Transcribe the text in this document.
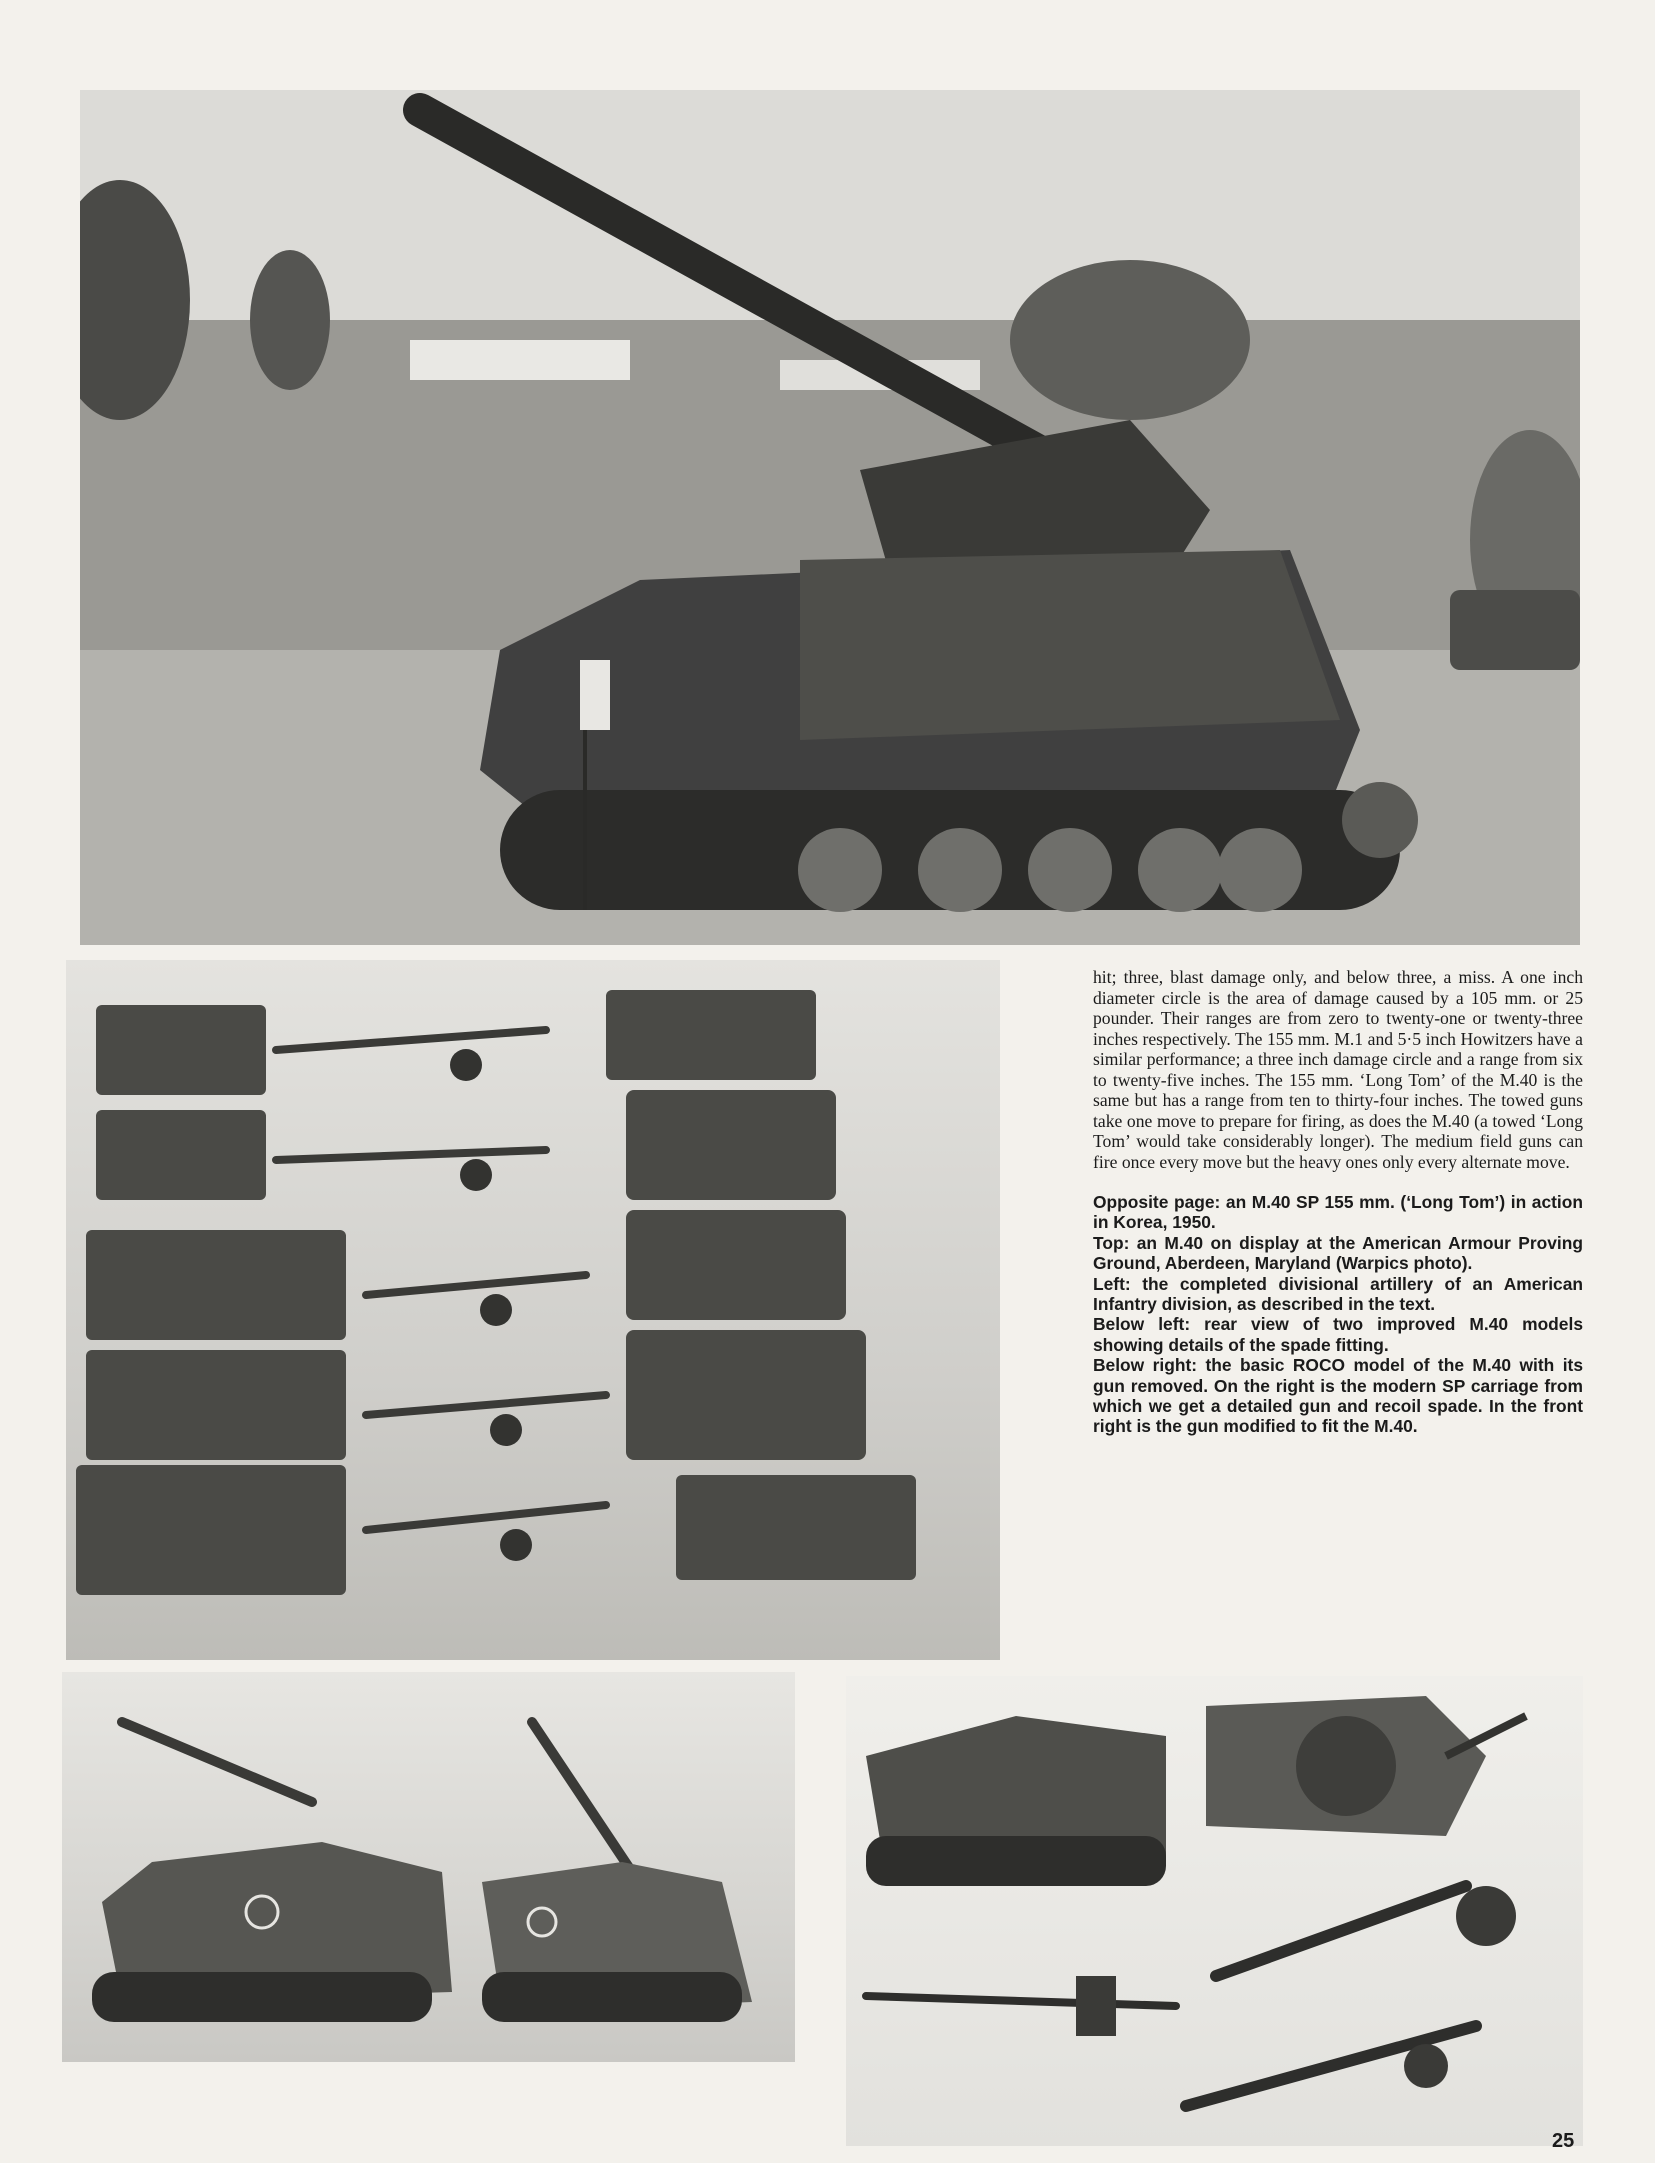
hit; three, blast damage only, and below three, a miss. A one inch diameter circle is the area of damage caused by a 105 mm. or 25 pounder. Their ranges are from zero to twenty-one or twenty-three inches respectively. The 155 mm. M.1 and 5·5 inch Howitzers have a similar performance; a three inch damage circle and a range from six to twenty-five inches. The 155 mm. ‘Long Tom’ of the M.40 is the same but has a range from ten to thirty-four inches. The towed guns take one move to prepare for firing, as does the M.40 (a towed ‘Long Tom’ would take considerably longer). The medium field guns can fire once every move but the heavy ones only every alternate move.

Opposite page: an M.40 SP 155 mm. (‘Long Tom’) in action in Korea, 1950.
Top: an M.40 on display at the American Armour Proving Ground, Aberdeen, Maryland (Warpics photo).
Left: the completed divisional artillery of an American Infantry division, as described in the text.
Below left: rear view of two improved M.40 models showing details of the spade fitting.
Below right: the basic ROCO model of the M.40 with its gun removed. On the right is the modern SP carriage from which we get a detailed gun and recoil spade. In the front right is the gun modified to fit the M.40.

25
